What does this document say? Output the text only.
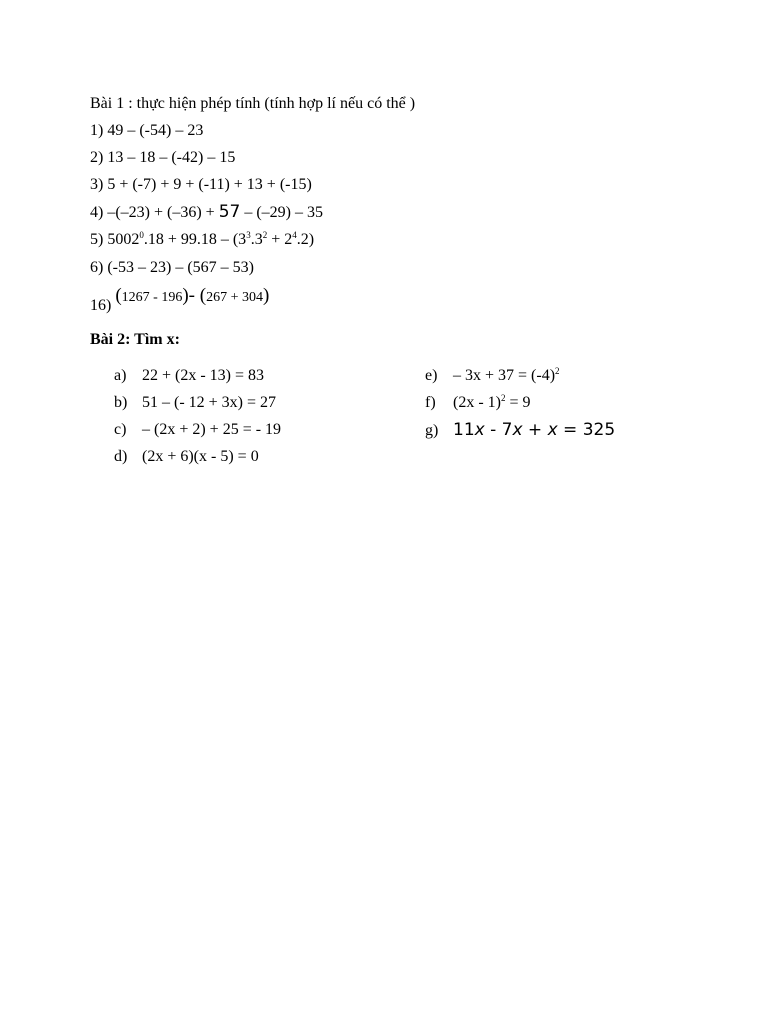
Bài 1 : thực hiện phép tính (tính hợp lí nếu có thể )
1) 49 – (-54) – 23
2) 13 – 18 – (-42) – 15
3) 5 + (-7) + 9 + (-11) + 13 + (-15)
4) –(–23) + (–36) + 57 – (–29) – 35
5) $5002^0.18 + 99.18 - (3^3.3^2 + 2^4.2)$
6) (-53 – 23) – (567 – 53)
16) (1267 - 196)- (267 + 304)
Bài 2: Tìm x:
a) 22 + (2x - 13) = 83
b) 51 – (- 12 + 3x) = 27
c) – (2x + 2) + 25 = - 19
d) (2x + 6)(x - 5) = 0
$e) - 3x + 37 = (-4)^2$
f) (2x - 1)$^2$ = 9
g) 11x - 7x + x = 325
